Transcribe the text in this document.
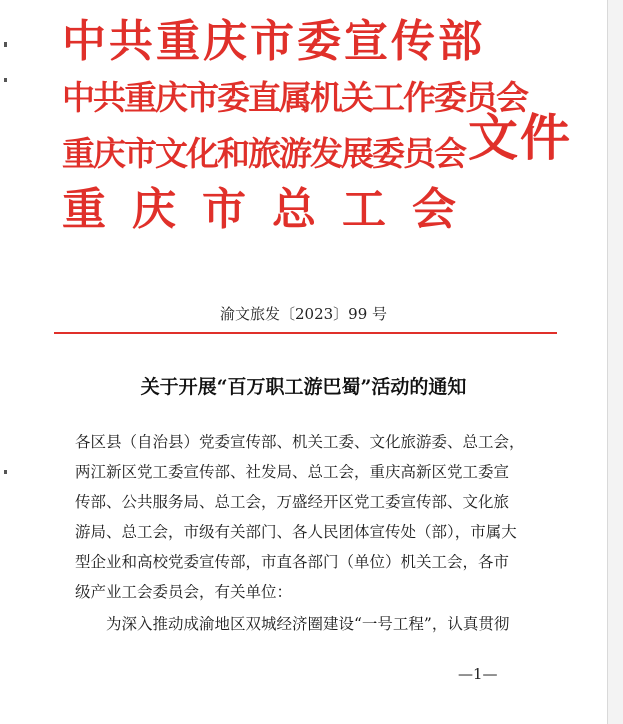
中共重庆市委宣传部
中共重庆市委直属机关工作委员会
重庆市文化和旅游发展委员会
重庆市总工会
文件
渝文旅发〔2023〕99 号
关于开展“百万职工游巴蜀”活动的通知
各区县（自治县）党委宣传部、机关工委、文化旅游委、总工会，
两江新区党工委宣传部、社发局、总工会，重庆高新区党工委宣
传部、公共服务局、总工会，万盛经开区党工委宣传部、文化旅
游局、总工会，市级有关部门、各人民团体宣传处（部），市属大
型企业和高校党委宣传部，市直各部门（单位）机关工会，各市
级产业工会委员会，有关单位：
为深入推动成渝地区双城经济圈建设“一号工程”，认真贯彻
—1—
